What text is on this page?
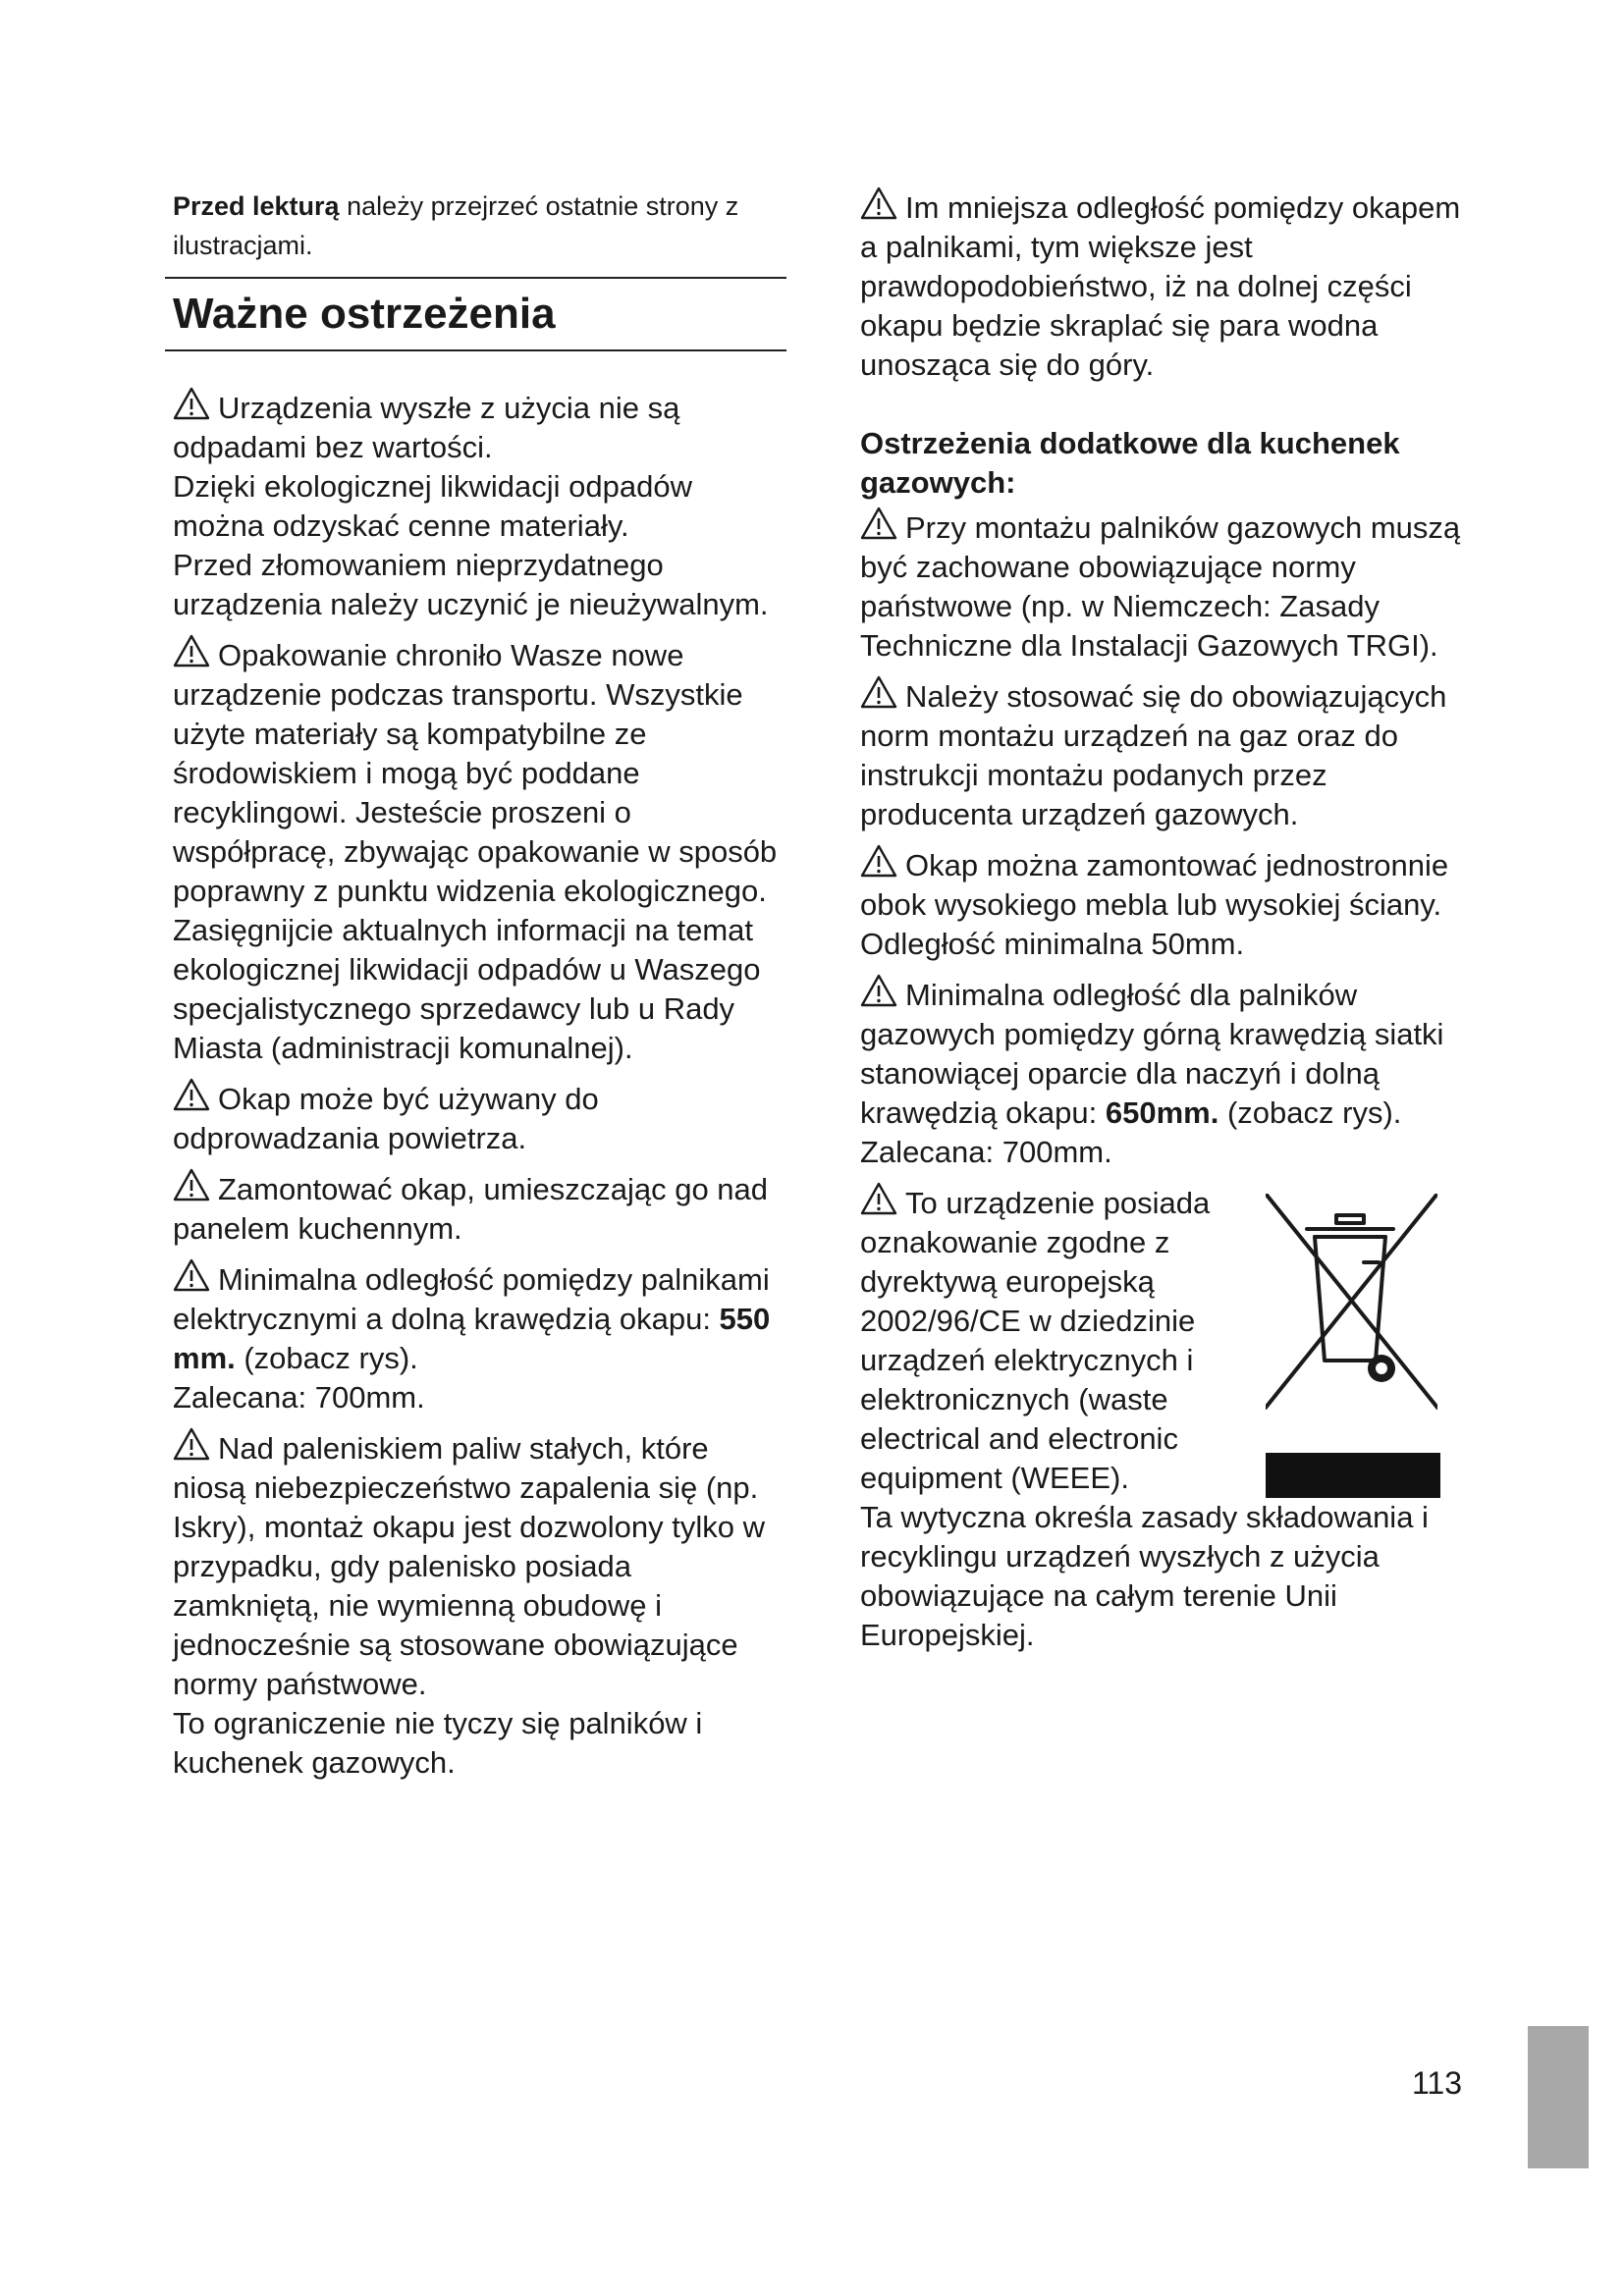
Przed lekturą należy przejrzeć ostatnie strony z ilustracjami.

Ważne ostrzeżenia

Urządzenia wyszłe z użycia nie są odpadami bez wartości.

Dzięki ekologicznej likwidacji odpadów można odzyskać cenne materiały.

Przed złomowaniem nieprzydatnego urządzenia należy uczynić je nieużywalnym.

Opakowanie chroniło Wasze nowe urządzenie podczas transportu. Wszystkie użyte materiały są kompatybilne ze środowiskiem i mogą być poddane recyklingowi. Jesteście proszeni o współpracę, zbywając opakowanie w sposób poprawny z punktu widzenia ekologicznego.

Zasięgnijcie aktualnych informacji na temat ekologicznej likwidacji odpadów u Waszego specjalistycznego sprzedawcy lub u Rady Miasta (administracji komunalnej).

Okap może być używany do odprowadzania powietrza.

Zamontować okap, umieszczając go nad panelem kuchennym.

Minimalna odległość pomiędzy palnikami elektrycznymi a dolną krawędzią okapu: 550 mm. (zobacz rys).

Zalecana: 700mm.

Nad paleniskiem paliw stałych, które niosą niebezpieczeństwo zapalenia się (np. Iskry), montaż okapu jest dozwolony tylko w przypadku, gdy palenisko posiada zamkniętą, nie wymienną obudowę i jednocześnie są stosowane obowiązujące normy państwowe.

To ograniczenie nie tyczy się palników i kuchenek gazowych.

Im mniejsza odległość pomiędzy okapem a palnikami, tym większe jest prawdopodobieństwo, iż na dolnej części okapu będzie skraplać się para wodna unosząca się do góry.

Ostrzeżenia dodatkowe dla kuchenek gazowych:

Przy montażu palników gazowych muszą być zachowane obowiązujące normy państwowe (np. w Niemczech: Zasady Techniczne dla Instalacji Gazowych TRGI).

Należy stosować się do obowiązujących norm montażu urządzeń na gaz oraz do instrukcji montażu podanych przez producenta urządzeń gazowych.

Okap można zamontować jednostronnie obok wysokiego mebla lub wysokiej ściany.

Odległość minimalna 50mm.

Minimalna odległość dla palników gazowych pomiędzy górną krawędzią siatki stanowiącej oparcie dla naczyń i dolną krawędzią okapu: 650mm. (zobacz rys).

Zalecana: 700mm.

To urządzenie posiada oznakowanie zgodne z dyrektywą europejską 2002/96/CE w dziedzinie urządzeń elektrycznych i elektronicznych (waste electrical and electronic equipment (WEEE).

Ta wytyczna określa zasady składowania i recyklingu urządzeń wyszłych z użycia obowiązujące na całym terenie Unii Europejskiej.

113
